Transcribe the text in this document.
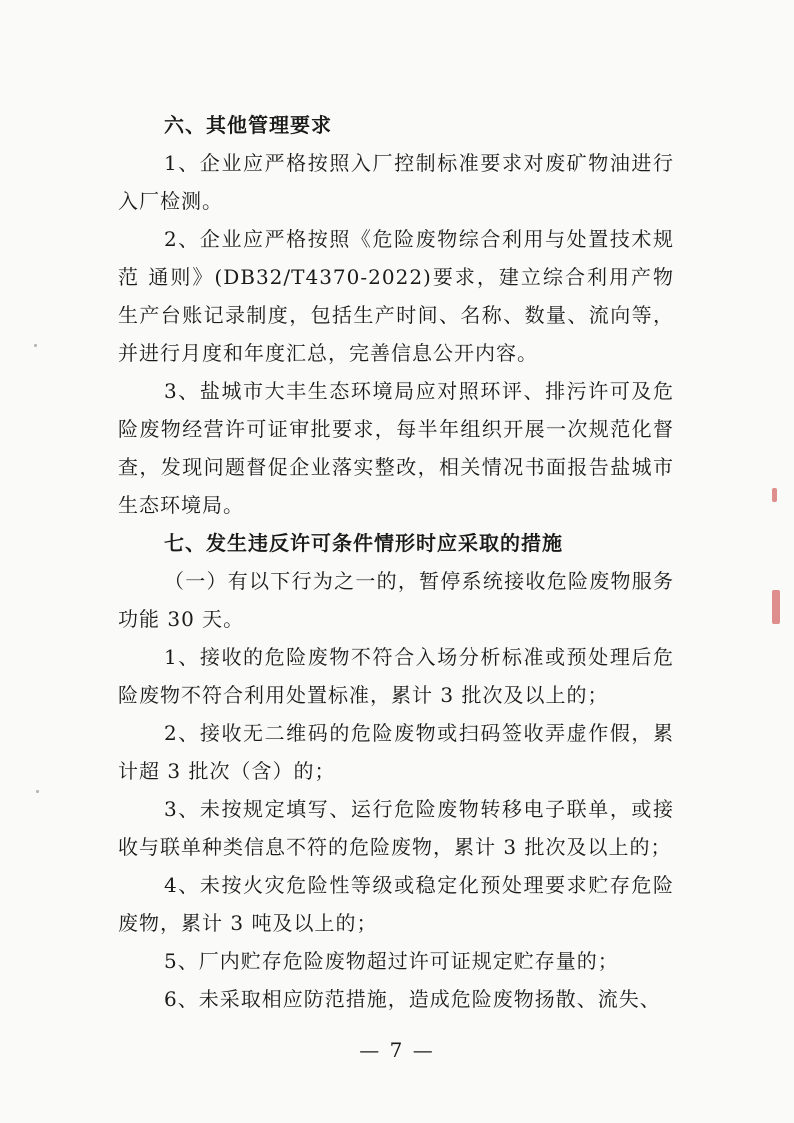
六、其他管理要求

1、企业应严格按照入厂控制标准要求对废矿物油进行入厂检测。

2、企业应严格按照《危险废物综合利用与处置技术规范 通则》(DB32/T4370-2022)要求，建立综合利用产物生产台账记录制度，包括生产时间、名称、数量、流向等，并进行月度和年度汇总，完善信息公开内容。

3、盐城市大丰生态环境局应对照环评、排污许可及危险废物经营许可证审批要求，每半年组织开展一次规范化督查，发现问题督促企业落实整改，相关情况书面报告盐城市生态环境局。

七、发生违反许可条件情形时应采取的措施

（一）有以下行为之一的，暂停系统接收危险废物服务功能 30 天。

1、接收的危险废物不符合入场分析标准或预处理后危险废物不符合利用处置标准，累计 3 批次及以上的；

2、接收无二维码的危险废物或扫码签收弄虚作假，累计超 3 批次（含）的；

3、未按规定填写、运行危险废物转移电子联单，或接收与联单种类信息不符的危险废物，累计 3 批次及以上的；

4、未按火灾危险性等级或稳定化预处理要求贮存危险废物，累计 3 吨及以上的；

5、厂内贮存危险废物超过许可证规定贮存量的；

6、未采取相应防范措施，造成危险废物扬散、流失、

— 7 —
